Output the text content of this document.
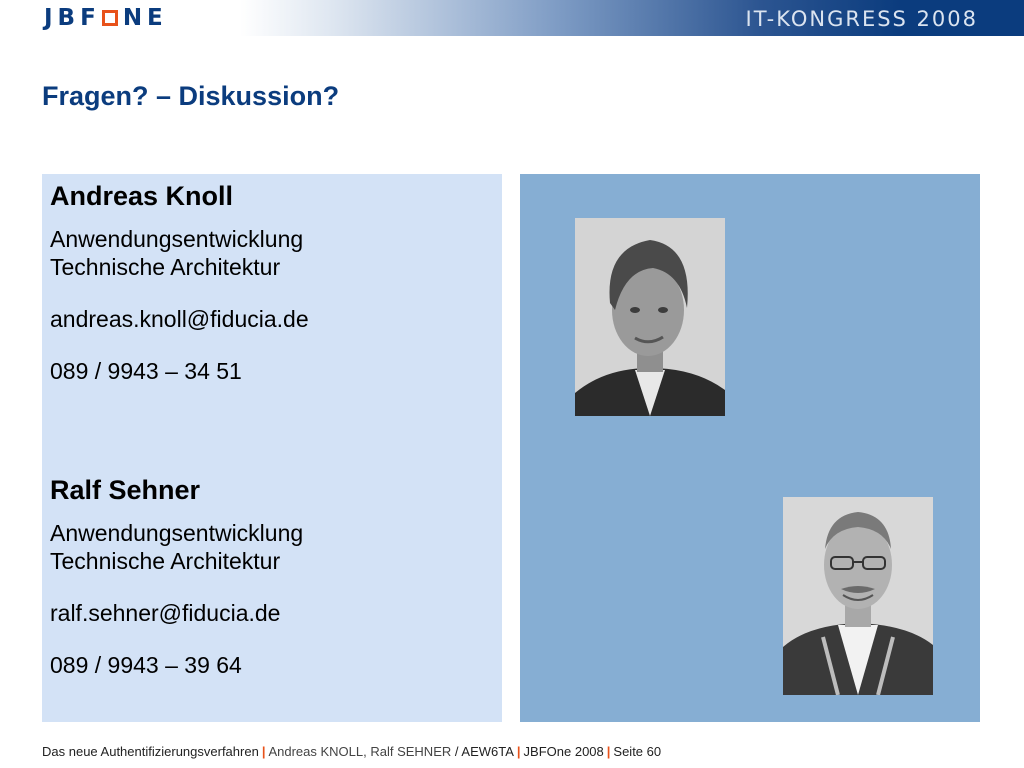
JBF NE	IT-KONGRESS 2008
Fragen? – Diskussion?
Andreas Knoll
Anwendungsentwicklung
Technische Architektur
andreas.knoll@fiducia.de
089 / 9943 – 34 51
Ralf Sehner
Anwendungsentwicklung
Technische Architektur
ralf.sehner@fiducia.de
089 / 9943 – 39 64
Das neue Authentifizierungsverfahren | Andreas KNOLL, Ralf SEHNER / AEW6TA | JBFOne 2008 | Seite 60
